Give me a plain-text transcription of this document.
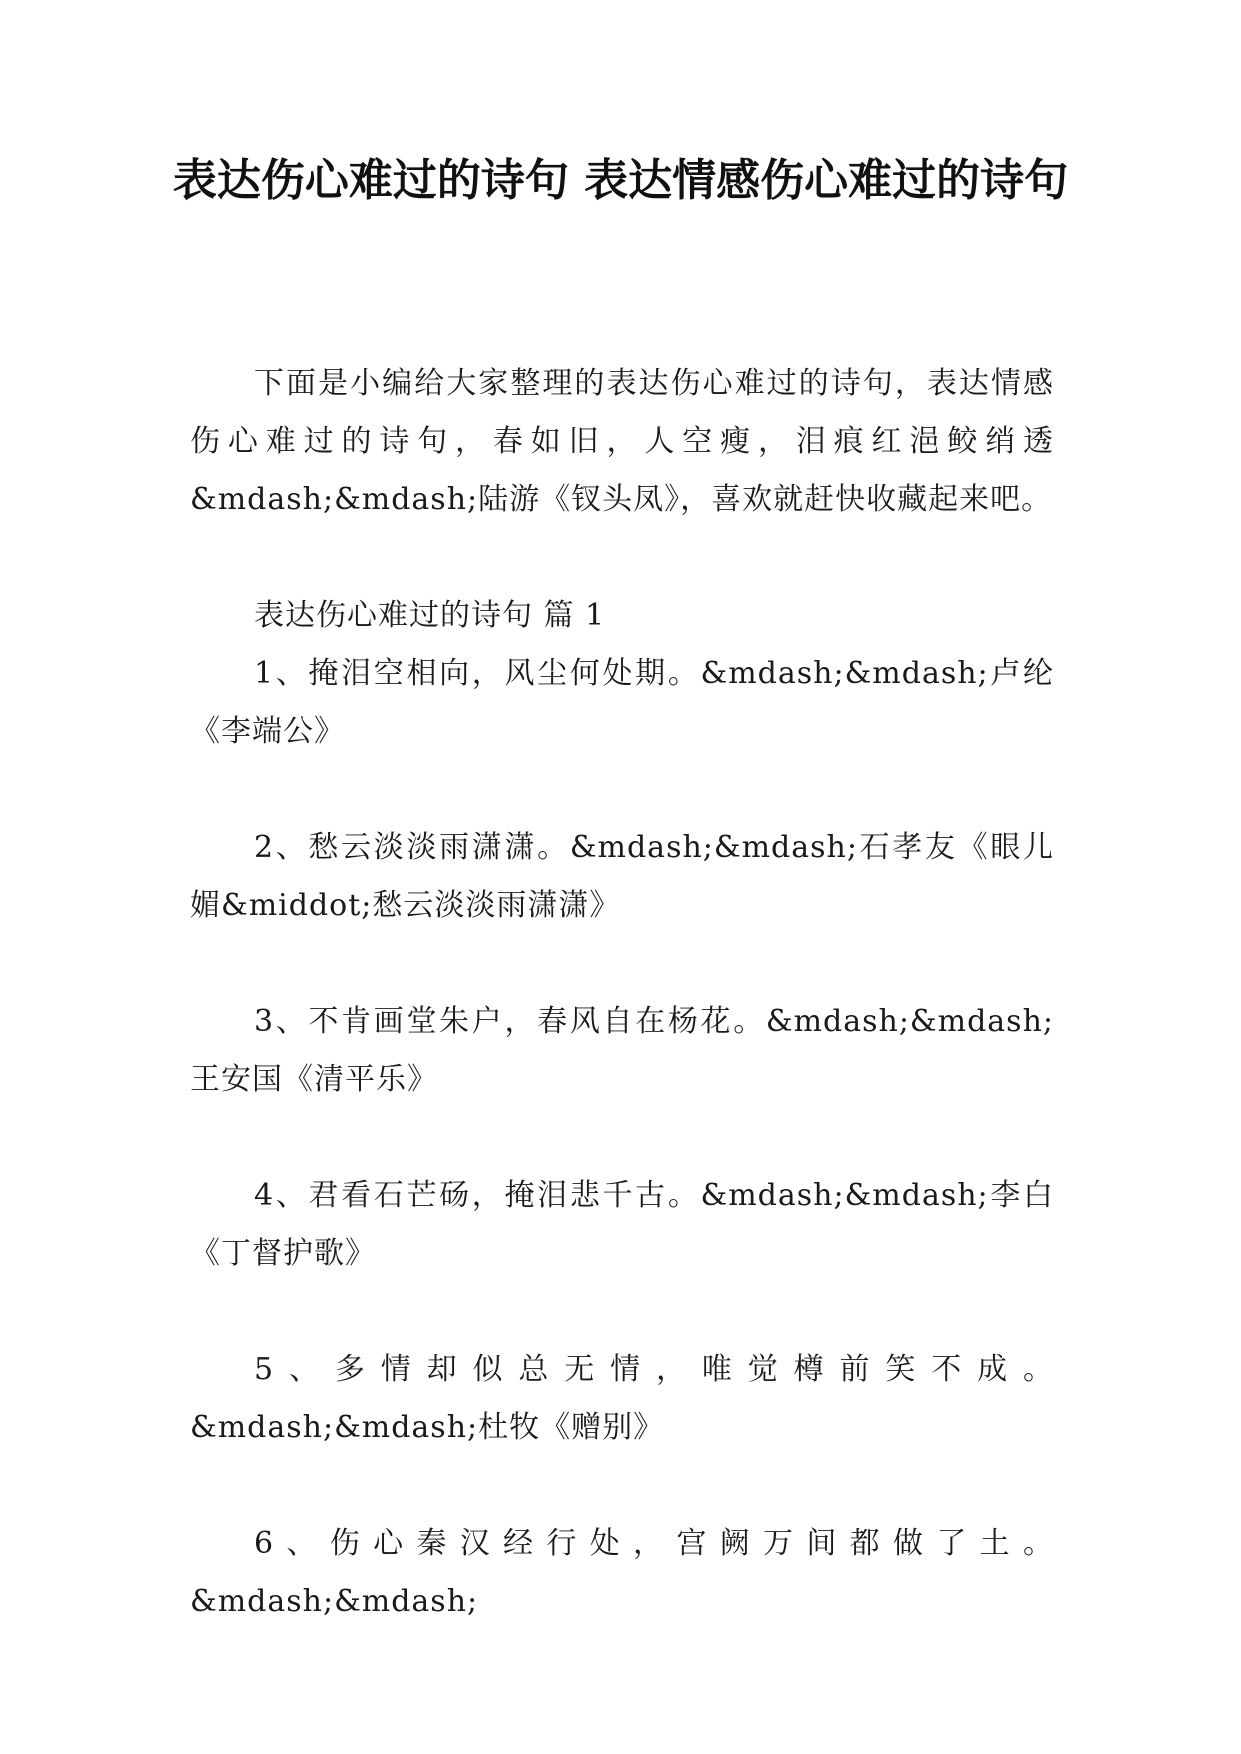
表达伤心难过的诗句 表达情感伤心难过的诗句

下面是小编给大家整理的表达伤心难过的诗句，表达情感伤心难过的诗句，春如旧，人空瘦，泪痕红浥鲛绡透&mdash;&mdash;陆游《钗头凤》，喜欢就赶快收藏起来吧。

表达伤心难过的诗句 篇 1

1、掩泪空相向，风尘何处期。&mdash;&mdash;卢纶《李端公》

2、愁云淡淡雨潇潇。&mdash;&mdash;石孝友《眼儿媚&middot;愁云淡淡雨潇潇》

3、不肯画堂朱户，春风自在杨花。&mdash;&mdash;王安国《清平乐》

4、君看石芒砀，掩泪悲千古。&mdash;&mdash;李白《丁督护歌》

5、多情却似总无情，唯觉樽前笑不成。&mdash;&mdash;杜牧《赠别》

6、伤心秦汉经行处，宫阙万间都做了土。&mdash;&mdash;
